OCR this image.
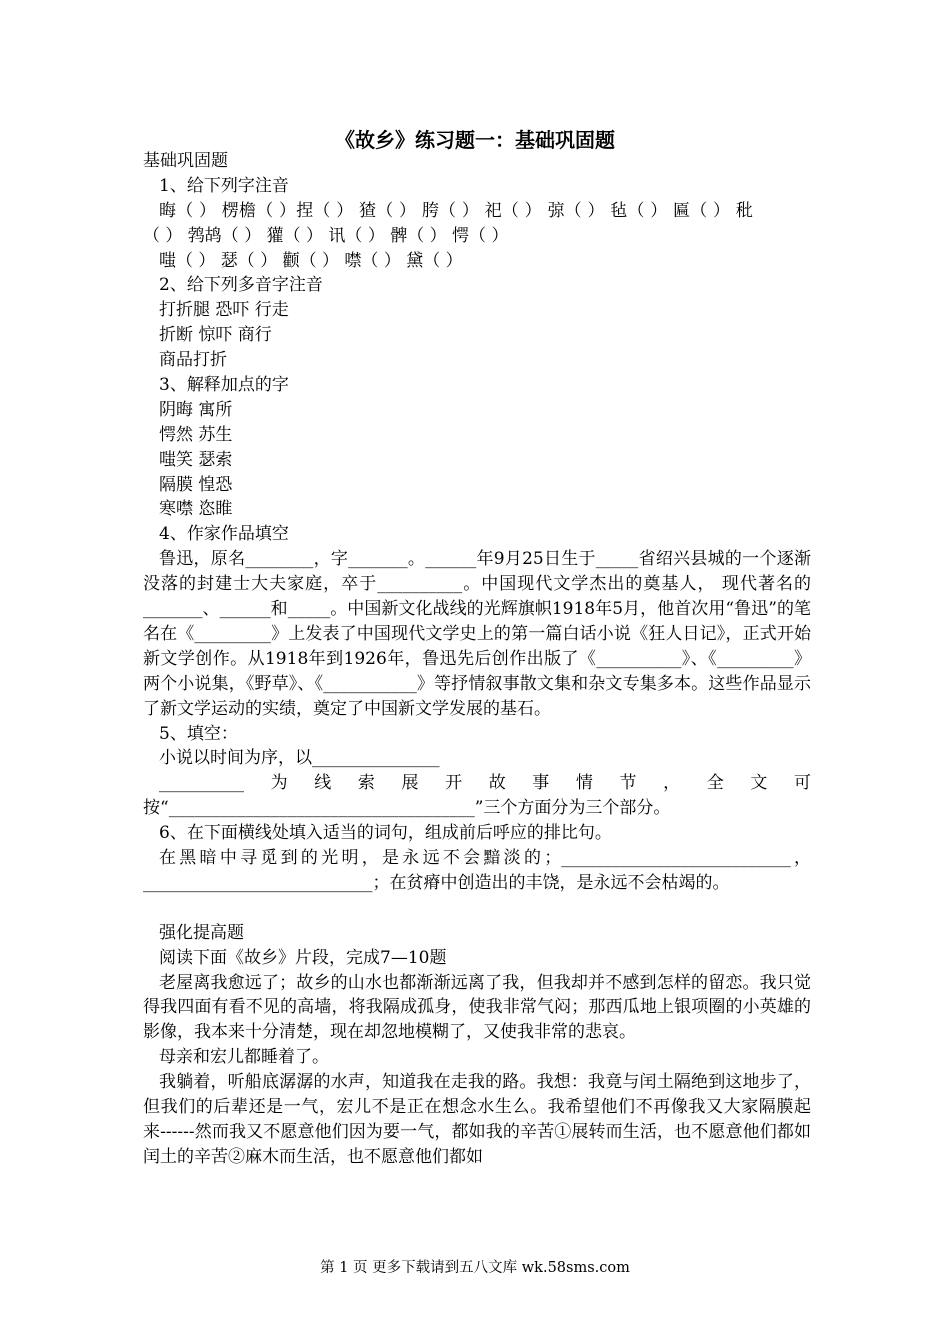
《故乡》练习题一：基础巩固题
基础巩固题
1、给下列字注音
晦（ ） 楞檐（ ）捏（ ） 猹（ ） 胯（ ） 祀（ ） 弶（ ） 毡（ ） 匾（ ） 秕
（ ） 鹁鸪（ ） 獾（ ） 讯（ ） 髀（ ） 愕（ ）
嗤（ ） 瑟（ ） 颧（ ） 噤（ ） 黛（ ）
2、给下列多音字注音
打折腿 恐吓 行走
折断 惊吓 商行
商品打折
3、解释加点的字
阴晦 寓所
愕然 苏生
嗤笑 瑟索
隔膜 惶恐
寒噤 恣睢
4、作家作品填空
鲁迅，原名________，字_______。______年9月25日生于_____省绍兴县城的一个逐渐没落的封建士大夫家庭，卒于__________。中国现代文学杰出的奠基人， 现代著名的_______、______和_____。中国新文化战线的光辉旗帜1918年5月，他首次用“鲁迅”的笔名在《_________》上发表了中国现代文学史上的第一篇白话小说《狂人日记》，正式开始新文学创作。从1918年到1926年，鲁迅先后创作出版了《__________》、《_________》两个小说集，《野草》、《___________》等抒情叙事散文集和杂文专集多本。这些作品显示了新文学运动的实绩，奠定了中国新文学发展的基石。
5、填空：
小说以时间为序，以_______________
__________为线索展开故事情节，全文可按“____________________________________”三个方面分为三个部分。
6、在下面横线处填入适当的词句，组成前后呼应的排比句。
在黑暗中寻觅到的光明，是永远不会黯淡的；___________________________，___________________________；在贫瘠中创造出的丰饶，是永远不会枯竭的。
强化提高题
阅读下面《故乡》片段，完成7—10题
老屋离我愈远了；故乡的山水也都渐渐远离了我，但我却并不感到怎样的留恋。我只觉得我四面有看不见的高墙，将我隔成孤身，使我非常气闷；那西瓜地上银项圈的小英雄的影像，我本来十分清楚，现在却忽地模糊了，又使我非常的悲哀。
母亲和宏儿都睡着了。
我躺着，听船底潺潺的水声，知道我在走我的路。我想：我竟与闰土隔绝到这地步了，但我们的后辈还是一气，宏儿不是正在想念水生么。我希望他们不再像我又大家隔膜起来------然而我又不愿意他们因为要一气，都如我的辛苦①展转而生活，也不愿意他们都如闰土的辛苦②麻木而生活，也不愿意他们都如
第 1 页 更多下载请到五八文库 wk.58sms.com
